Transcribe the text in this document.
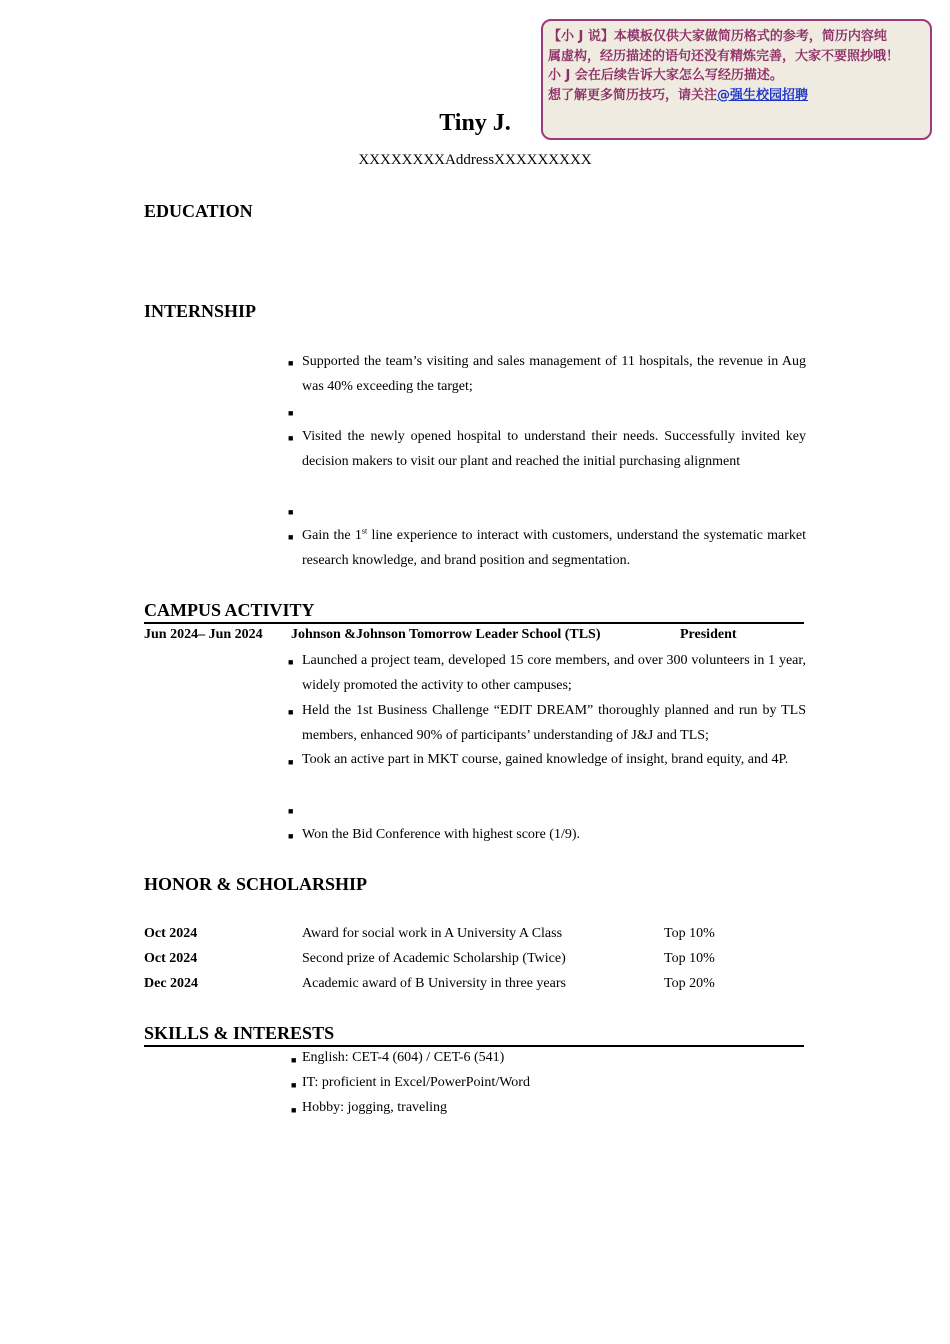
【小 J 说】本模板仅供大家做简历格式的参考，简历内容纯
属虚构，经历描述的语句还没有精炼完善，大家不要照抄哦！
小 J 会在后续告诉大家怎么写经历描述。
想了解更多简历技巧，请关注@强生校园招聘
Tiny J.
XXXXXXXXAddressXXXXXXXXX
EDUCATION
INTERNSHIP
■ Supported the team’s visiting and sales management of 11 hospitals, the revenue in Aug was 40% exceeding the target;
■
■ Visited the newly opened hospital to understand their needs. Successfully invited key decision makers to visit our plant and reached the initial purchasing alignment
■
■ Gain the 1st line experience to interact with customers, understand the systematic market research knowledge, and brand position and segmentation.
CAMPUS ACTIVITY
Jun 2024– Jun 2024 Johnson &Johnson Tomorrow Leader School (TLS)	President
■ Launched a project team, developed 15 core members, and over 300 volunteers in 1 year, widely promoted the activity to other campuses;
■ Held the 1st Business Challenge “EDIT DREAM” thoroughly planned and run by TLS members, enhanced 90% of participants’ understanding of J&J and TLS;
■ Took an active part in MKT course, gained knowledge of insight, brand equity, and 4P.
■
■ Won the Bid Conference with highest score (1/9).
HONOR & SCHOLARSHIP
Oct 2024	Award for social work in A University A Class	Top 10%
Oct 2024	Second prize of Academic Scholarship (Twice)	Top 10%
Dec 2024	Academic award of B University in three years	Top 20%
SKILLS & INTERESTS
■ English: CET-4 (604) / CET-6 (541)
■ IT: proficient in Excel/PowerPoint/Word
■ Hobby: jogging, traveling
